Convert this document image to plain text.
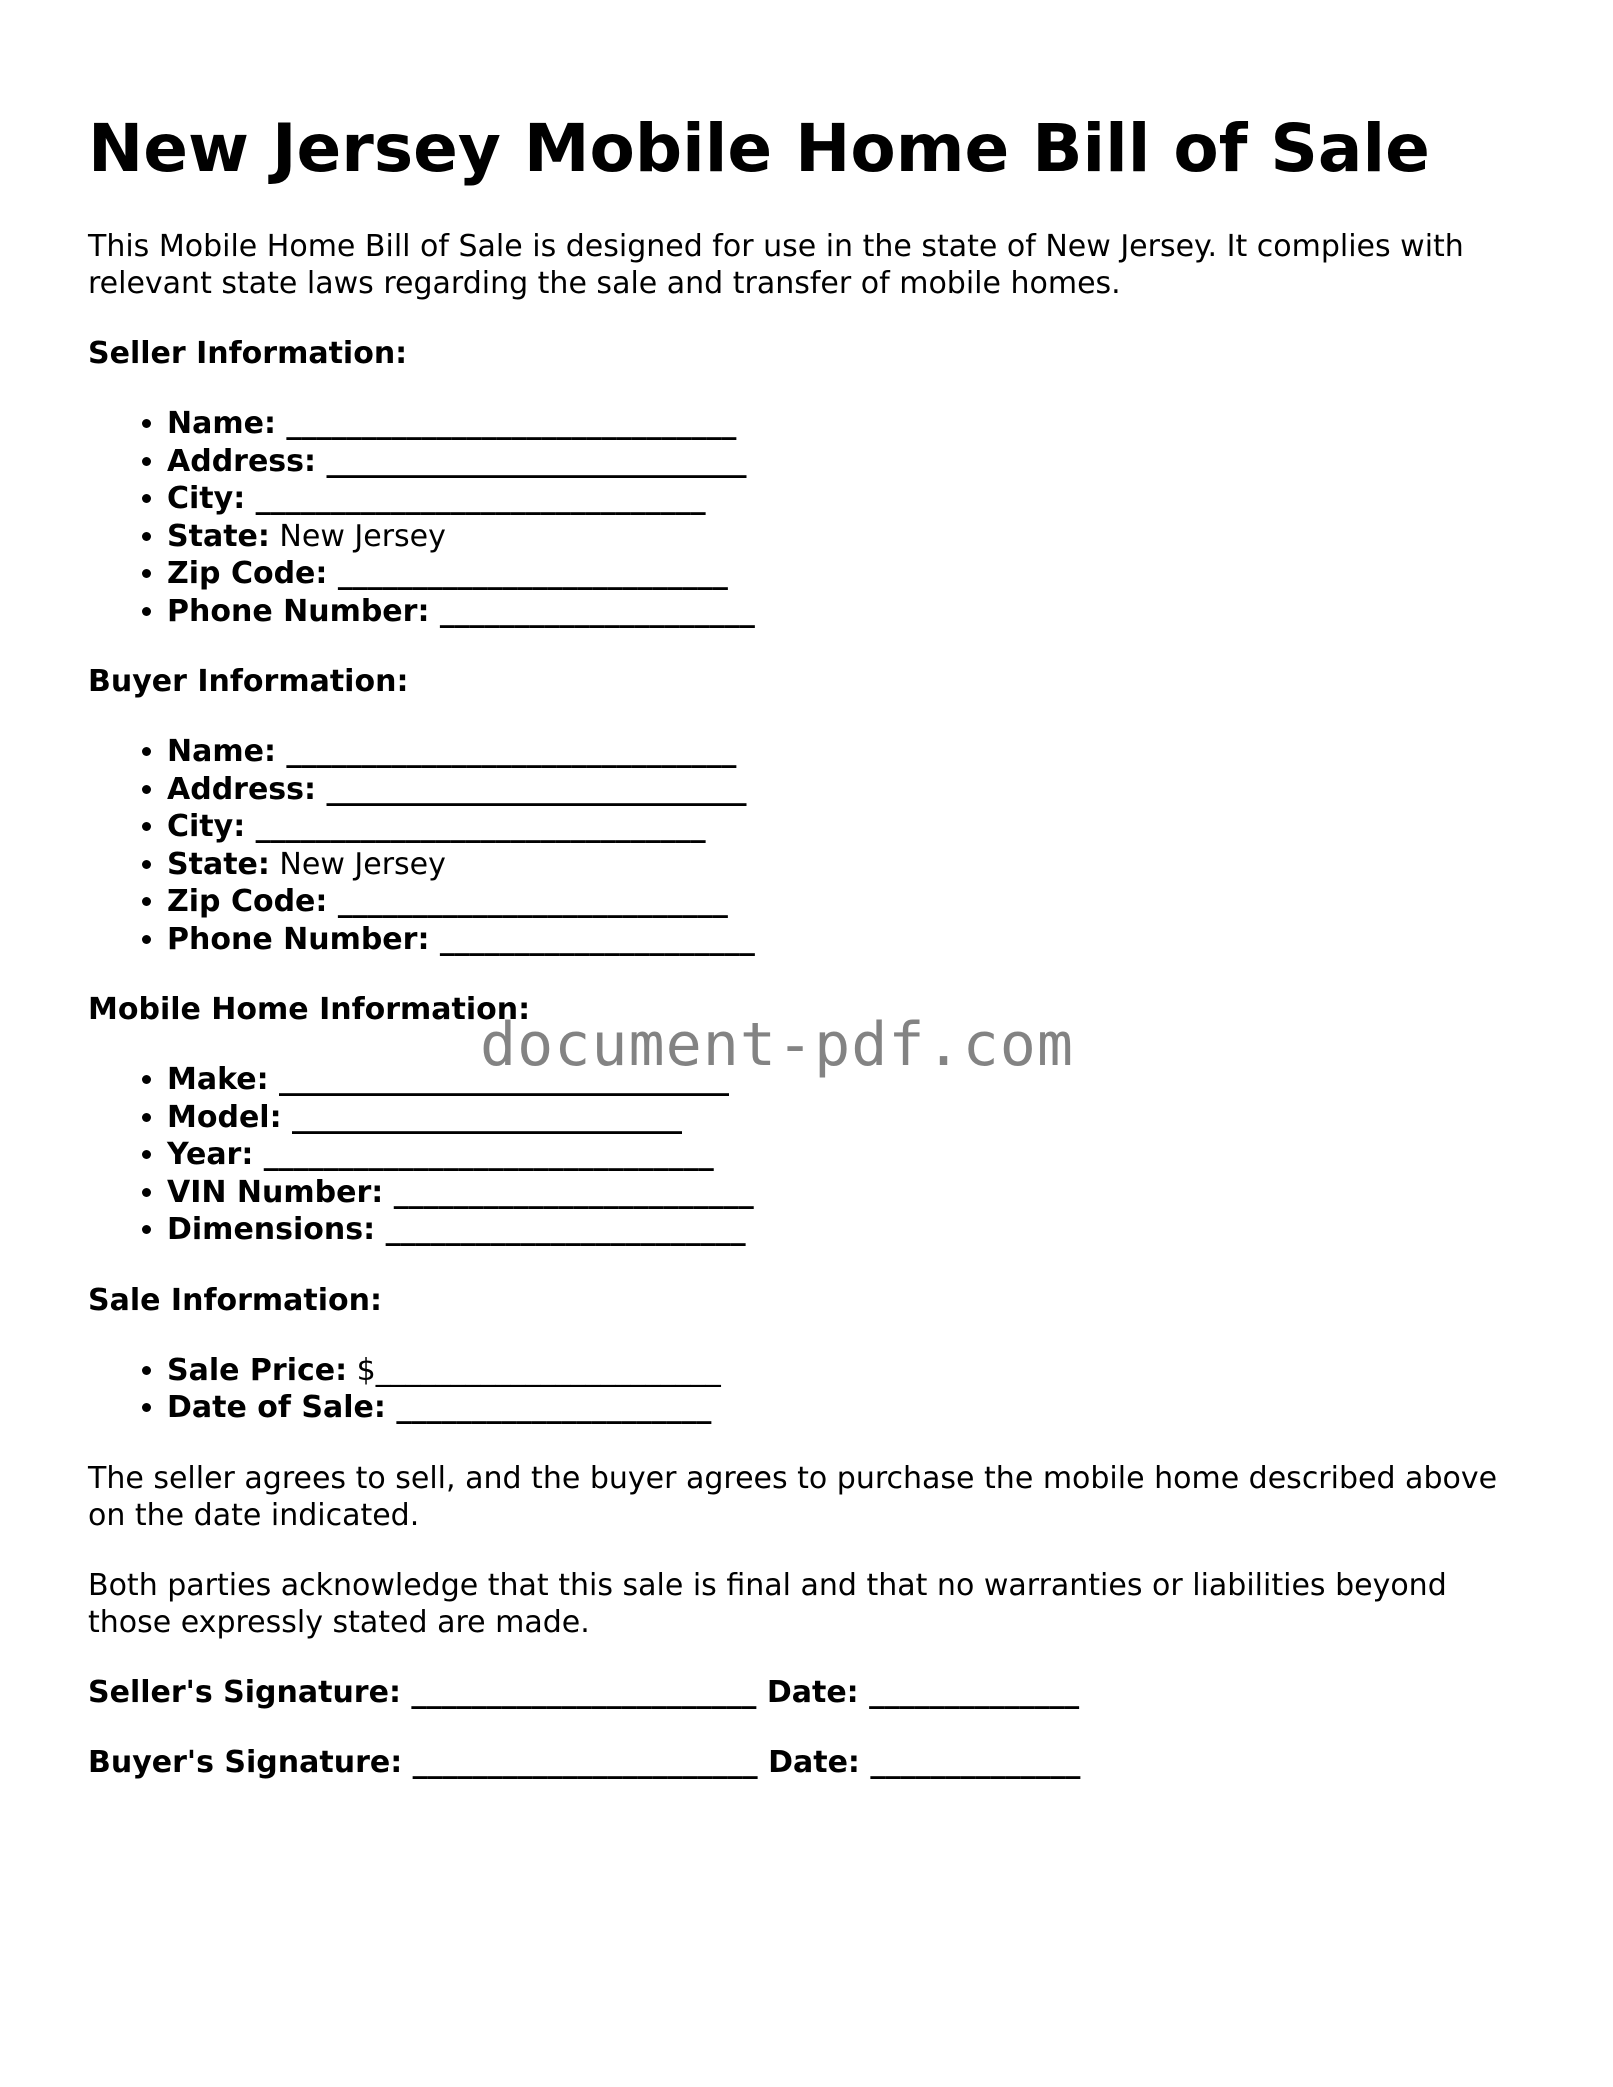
New Jersey Mobile Home Bill of Sale

This Mobile Home Bill of Sale is designed for use in the state of New Jersey. It complies with relevant state laws regarding the sale and transfer of mobile homes.

Seller Information:
• Name: ______________________________
• Address: ____________________________
• City: ______________________________
• State: New Jersey
• Zip Code: __________________________
• Phone Number: _____________________
Buyer Information:
• Name: ______________________________
• Address: ____________________________
• City: ______________________________
• State: New Jersey
• Zip Code: __________________________
• Phone Number: _____________________
Mobile Home Information:
• Make: ______________________________
• Model: __________________________
• Year: ______________________________
• VIN Number: ________________________
• Dimensions: ________________________
Sale Information:
• Sale Price: $_______________________
• Date of Sale: _____________________

The seller agrees to sell, and the buyer agrees to purchase the mobile home described above on the date indicated.

Both parties acknowledge that this sale is final and that no warranties or liabilities beyond those expressly stated are made.

Seller's Signature: _______________________ Date: ______________
Buyer's Signature: _______________________ Date: ______________
document-pdf.com
